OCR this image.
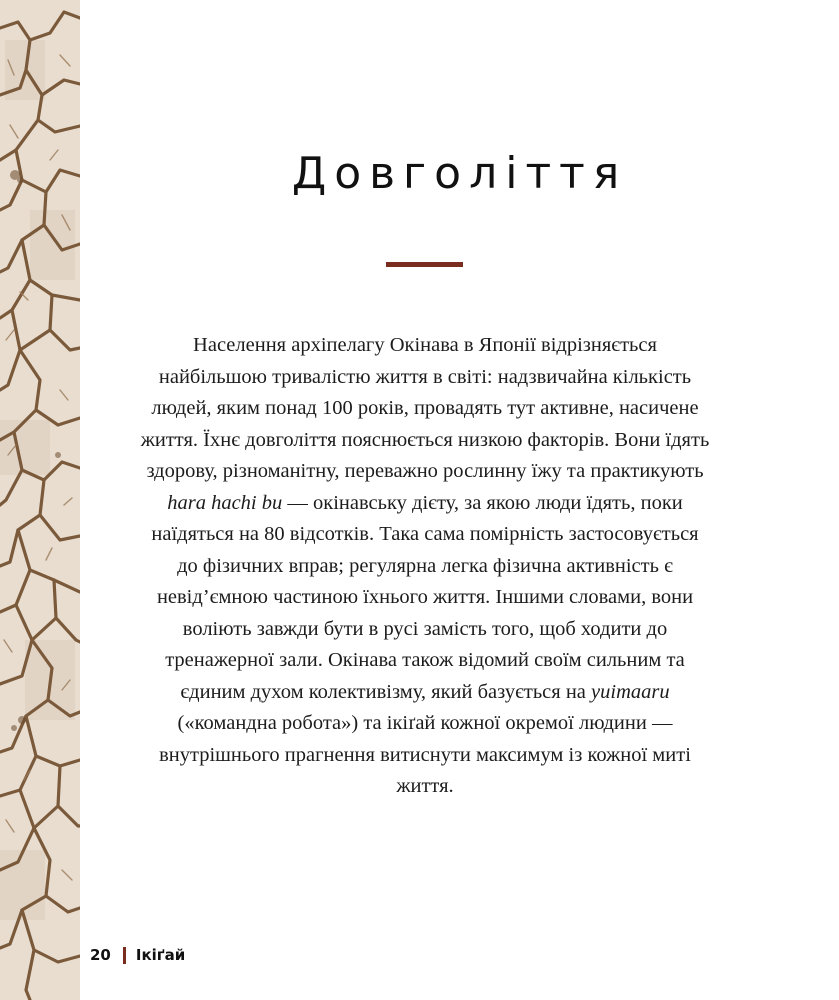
Довголіття

Населення архіпелагу Окінава в Японії відрізняється найбільшою тривалістю життя в світі: надзвичайна кількість людей, яким понад 100 років, провадять тут активне, насичене життя. Їхнє довголіття пояснюється низкою факторів. Вони їдять здорову, різноманітну, переважно рослинну їжу та практикують hara hachi bu — окінавську дієту, за якою люди їдять, поки наїдяться на 80 відсотків. Така сама помірність застосовується до фізичних вправ; регулярна легка фізична активність є невід’ємною частиною їхнього життя. Іншими словами, вони воліють завжди бути в русі замість того, щоб ходити до тренажерної зали. Окінава також відомий своїм сильним та єдиним духом колективізму, який базується на yuimaaru («командна робота») та ікіґай кожної окремої людини — внутрішнього прагнення витиснути максимум із кожної миті життя.

20 Ікіґай
